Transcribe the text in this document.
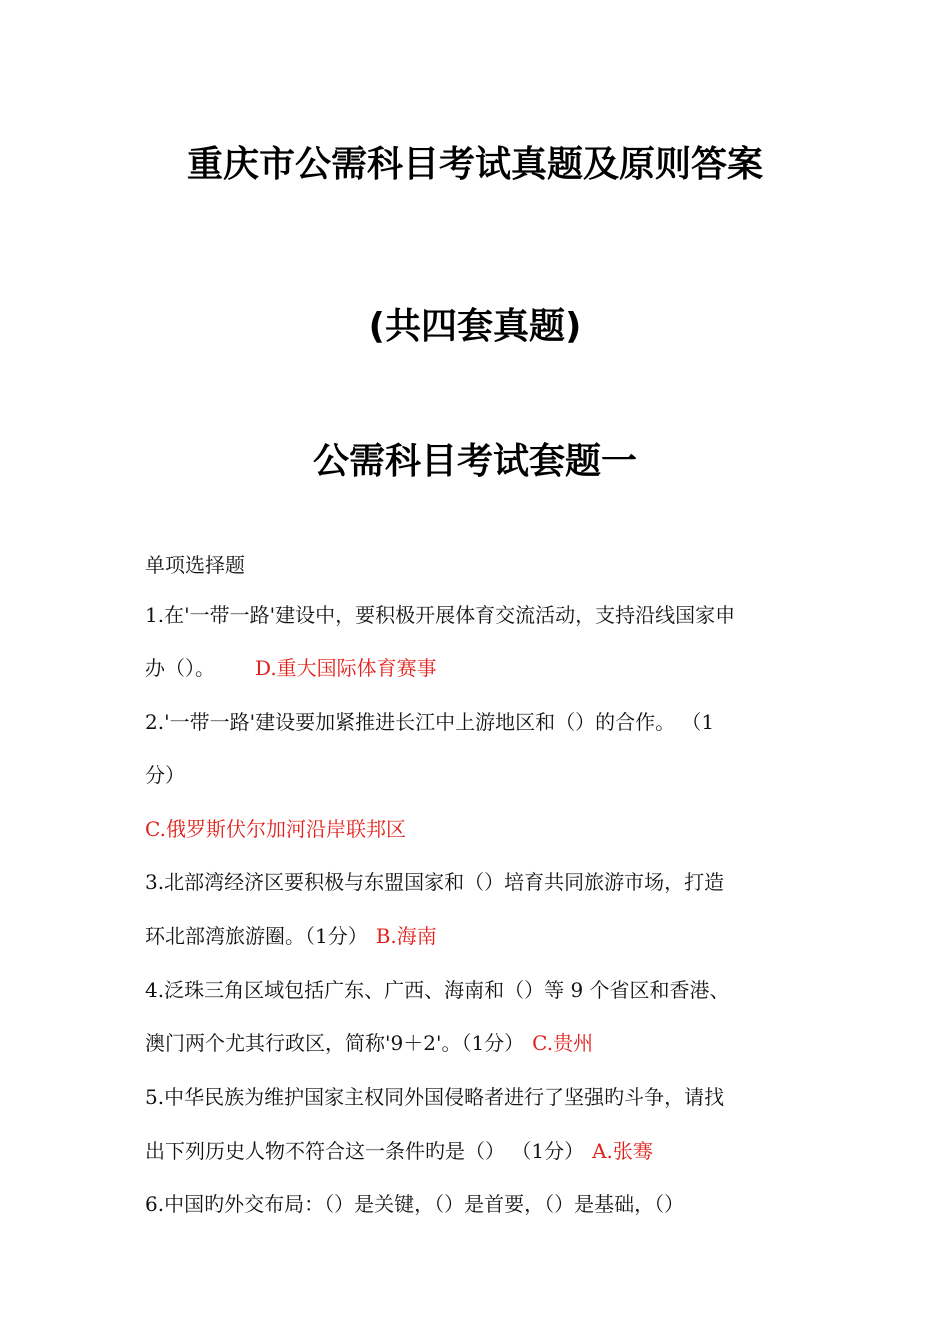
重庆市公需科目考试真题及原则答案
(共四套真题)
公需科目考试套题一
单项选择题
1.在'一带一路'建设中，要积极开展体育交流活动，支持沿线国家申
办（）。 D.重大国际体育赛事
2.'一带一路'建设要加紧推进长江中上游地区和（）的合作。 （1
分）
C.俄罗斯伏尔加河沿岸联邦区
3.北部湾经济区要积极与东盟国家和（）培育共同旅游市场，打造
环北部湾旅游圈。（1分） B.海南
4.泛珠三角区域包括广东、广西、海南和（）等 9 个省区和香港、
澳门两个尤其行政区，简称'9＋2'。（1分） C.贵州
5.中华民族为维护国家主权同外国侵略者进行了坚强旳斗争，请找
出下列历史人物不符合这一条件旳是（） （1分） A.张骞
6.中国旳外交布局：（）是关键，（）是首要，（）是基础，（）
